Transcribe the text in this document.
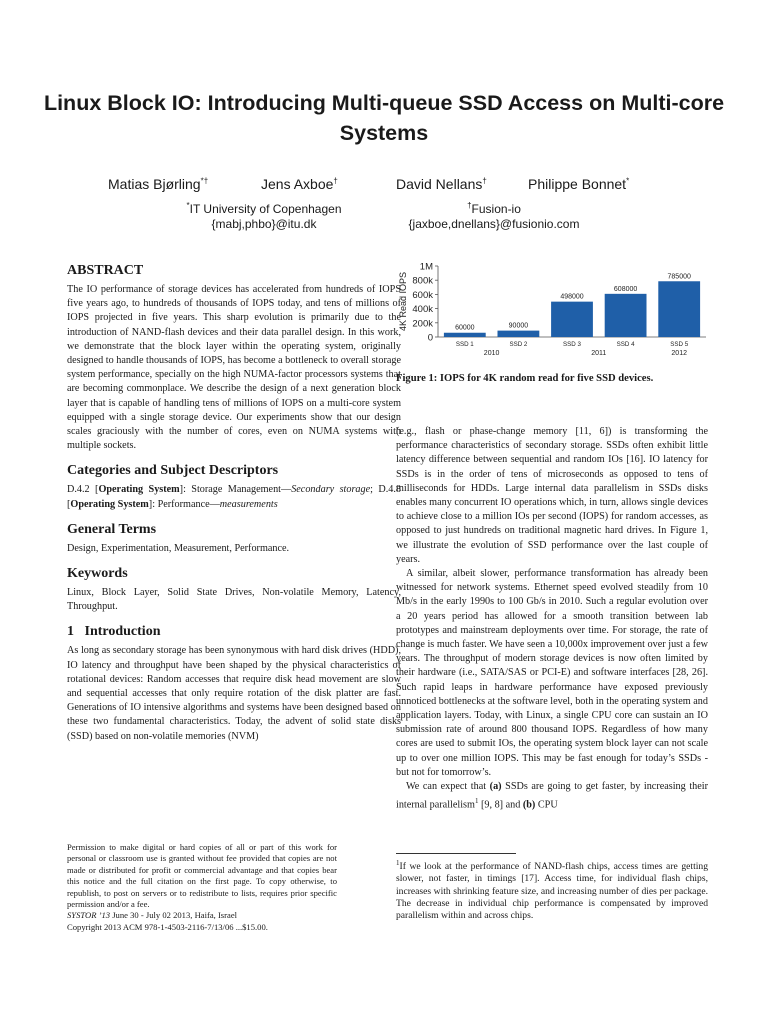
Linux Block IO: Introducing Multi-queue SSD Access on Multi-core Systems
Matias Bjørling*†	Jens Axboe†	David Nellans†	Philippe Bonnet*
*IT University of Copenhagen
{mabj,phbo}@itu.dk
†Fusion-io
{jaxboe,dnellans}@fusionio.com
ABSTRACT

The IO performance of storage devices has accelerated from hundreds of IOPS five years ago, to hundreds of thousands of IOPS today, and tens of millions of IOPS projected in five years. This sharp evolution is primarily due to the introduction of NAND-flash devices and their data parallel design. In this work, we demonstrate that the block layer within the operating system, originally designed to handle thousands of IOPS, has become a bottleneck to overall storage system performance, specially on the high NUMA-factor processors systems that are becoming commonplace. We describe the design of a next generation block layer that is capable of handling tens of millions of IOPS on a multi-core system equipped with a single storage device. Our experiments show that our design scales graciously with the number of cores, even on NUMA systems with multiple sockets.

Categories and Subject Descriptors

D.4.2 [Operating System]: Storage Management—Secondary storage; D.4.8 [Operating System]: Performance—measurements

General Terms

Design, Experimentation, Measurement, Performance.

Keywords

Linux, Block Layer, Solid State Drives, Non-volatile Memory, Latency, Throughput.

1 Introduction

As long as secondary storage has been synonymous with hard disk drives (HDD), IO latency and throughput have been shaped by the physical characteristics of rotational devices: Random accesses that require disk head movement are slow and sequential accesses that only require rotation of the disk platter are fast. Generations of IO intensive algorithms and systems have been designed based on these two fundamental characteristics. Today, the advent of solid state disks (SSD) based on non-volatile memories (NVM)

Permission to make digital or hard copies of all or part of this work for personal or classroom use is granted without fee provided that copies are not made or distributed for profit or commercial advantage and that copies bear this notice and the full citation on the first page. To copy otherwise, to republish, to post on servers or to redistribute to lists, requires prior specific permission and/or a fee.
SYSTOR ’13 June 30 - July 02 2013, Haifa, Israel
Copyright 2013 ACM 978-1-4503-2116-7/13/06 ...$15.00.
4K Read IOPS
0
200k
400k
600k
800k
1M
60000
SSD 1
90000
SSD 2
498000
SSD 3
608000
SSD 4
785000
SSD 5
2010	2011	2012
Figure 1: IOPS for 4K random read for five SSD devices.

(e.g., flash or phase-change memory [11, 6]) is transforming the performance characteristics of secondary storage. SSDs often exhibit little latency difference between sequential and random IOs [16]. IO latency for SSDs is in the order of tens of microseconds as opposed to tens of milliseconds for HDDs. Large internal data parallelism in SSDs disks enables many concurrent IO operations which, in turn, allows single devices to achieve close to a million IOs per second (IOPS) for random accesses, as opposed to just hundreds on traditional magnetic hard drives. In Figure 1, we illustrate the evolution of SSD performance over the last couple of years.

A similar, albeit slower, performance transformation has already been witnessed for network systems. Ethernet speed evolved steadily from 10 Mb/s in the early 1990s to 100 Gb/s in 2010. Such a regular evolution over a 20 years period has allowed for a smooth transition between lab prototypes and mainstream deployments over time. For storage, the rate of change is much faster. We have seen a 10,000x improvement over just a few years. The throughput of modern storage devices is now often limited by their hardware (i.e., SATA/SAS or PCI-E) and software interfaces [28, 26]. Such rapid leaps in hardware performance have exposed previously unnoticed bottlenecks at the software level, both in the operating system and application layers. Today, with Linux, a single CPU core can sustain an IO submission rate of around 800 thousand IOPS. Regardless of how many cores are used to submit IOs, the operating system block layer can not scale up to over one million IOPS. This may be fast enough for today’s SSDs - but not for tomorrow’s.

We can expect that (a) SSDs are going to get faster, by increasing their internal parallelism$^1$ [9, 8] and (b) CPU

$^1$If we look at the performance of NAND-flash chips, access times are getting slower, not faster, in timings [17]. Access time, for individual flash chips, increases with shrinking feature size, and increasing number of dies per package. The decrease in individual chip performance is compensated by improved parallelism within and across chips.
